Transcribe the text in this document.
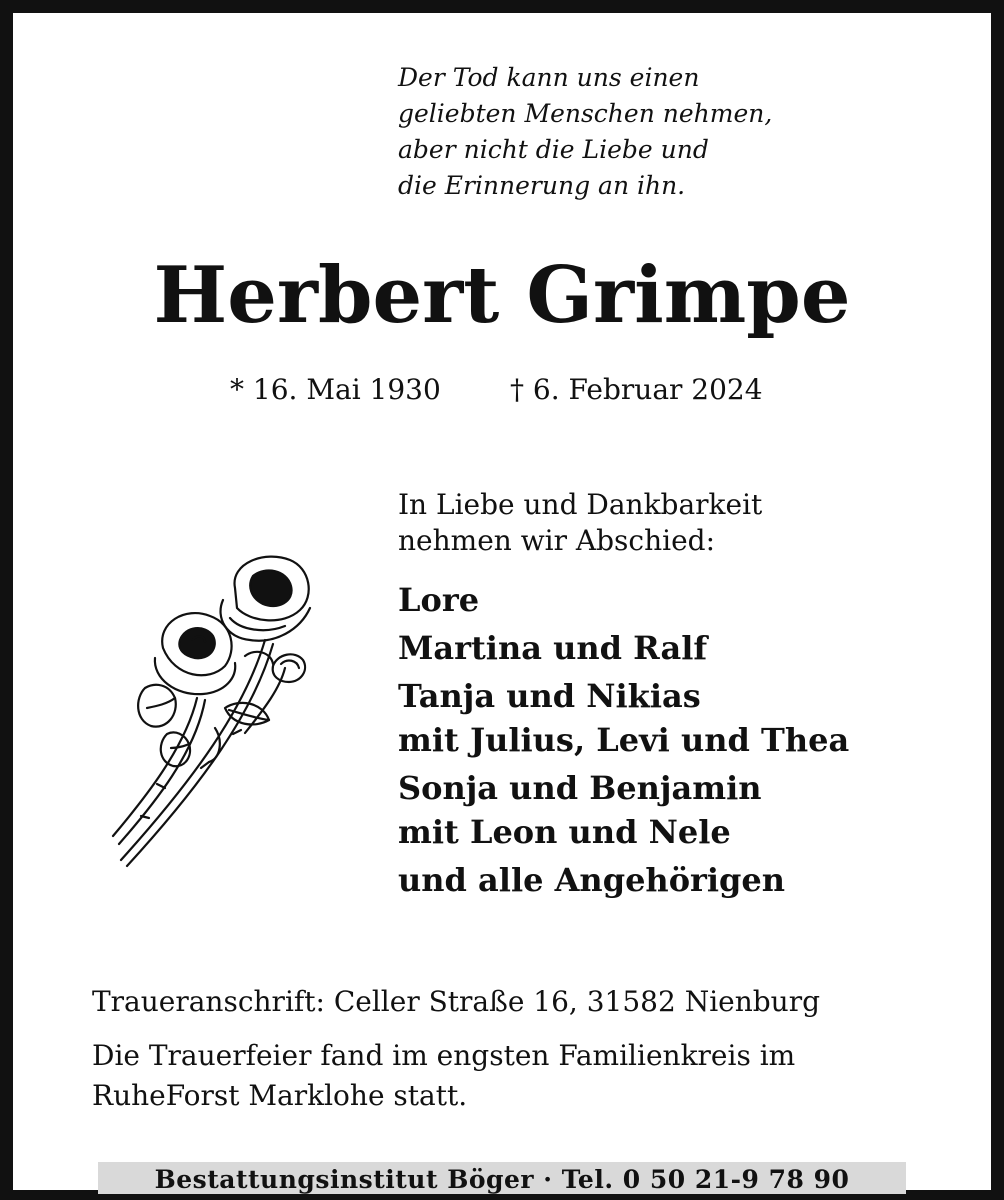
Der Tod kann uns einen
geliebten Menschen nehmen,
aber nicht die Liebe und
die Erinnerung an ihn.

Herbert Grimpe
* 16. Mai 1930 † 6. Februar 2024
In Liebe und Dankbarkeit
nehmen wir Abschied:
Lore
Martina und Ralf
Tanja und Nikias
mit Julius, Levi und Thea
Sonja und Benjamin
mit Leon und Nele
und alle Angehörigen
Traueranschrift: Celler Straße 16, 31582 Nienburg
Die Trauerfeier fand im engsten Familienkreis im
RuheForst Marklohe statt.
Bestattungsinstitut Böger · Tel. 0 50 21-9 78 90
